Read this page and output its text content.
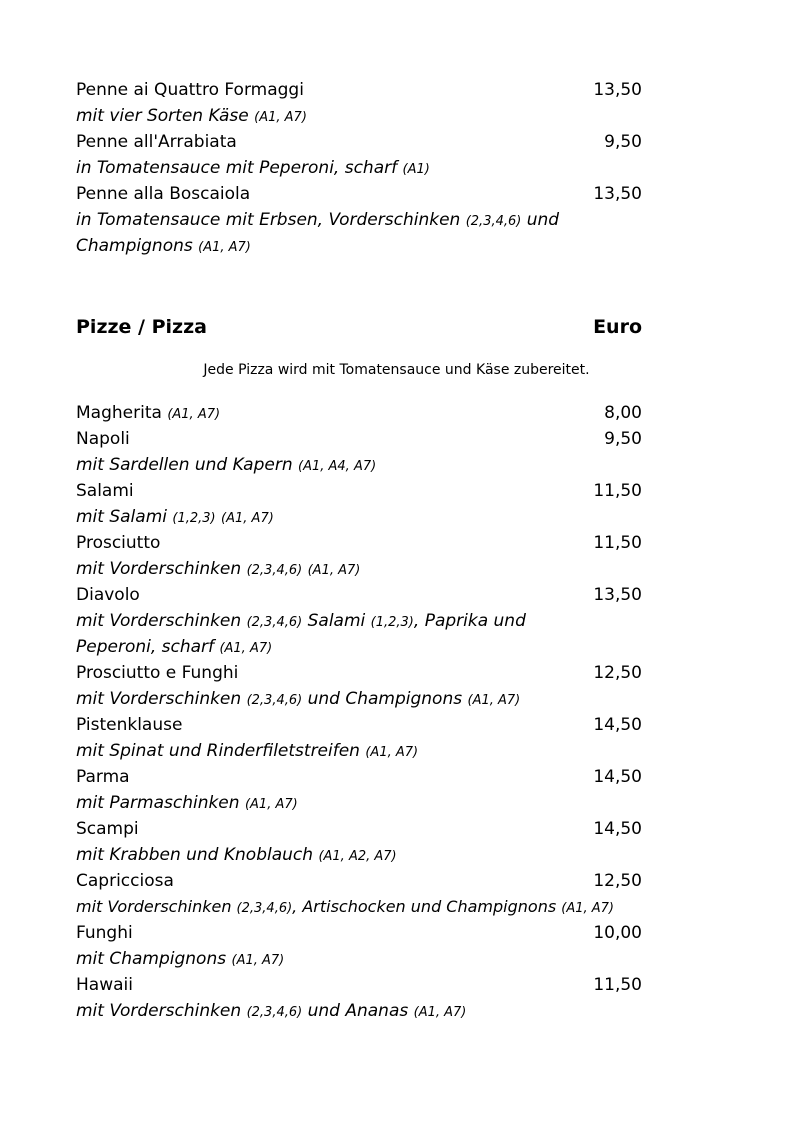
Penne ai Quattro Formaggi	13,50
mit vier Sorten Käse (A1, A7)
Penne all'Arrabiata	9,50
in Tomatensauce mit Peperoni, scharf (A1)
Penne alla Boscaiola	13,50
in Tomatensauce mit Erbsen, Vorderschinken (2,3,4,6) und
Champignons (A1, A7)
Pizze / Pizza	Euro
Jede Pizza wird mit Tomatensauce und Käse zubereitet.
Magherita (A1, A7)	8,00
Napoli	9,50
mit Sardellen und Kapern (A1, A4, A7)
Salami	11,50
mit Salami (1,2,3) (A1, A7)
Prosciutto	11,50
mit Vorderschinken (2,3,4,6) (A1, A7)
Diavolo	13,50
mit Vorderschinken (2,3,4,6) Salami (1,2,3), Paprika und
Peperoni, scharf (A1, A7)
Prosciutto e Funghi	12,50
mit Vorderschinken (2,3,4,6) und Champignons (A1, A7)
Pistenklause	14,50
mit Spinat und Rinderfiletstreifen (A1, A7)
Parma	14,50
mit Parmaschinken (A1, A7)
Scampi	14,50
mit Krabben und Knoblauch (A1, A2, A7)
Capricciosa	12,50
mit Vorderschinken (2,3,4,6), Artischocken und Champignons (A1, A7)
Funghi	10,00
mit Champignons (A1, A7)
Hawaii	11,50
mit Vorderschinken (2,3,4,6) und Ananas (A1, A7)
